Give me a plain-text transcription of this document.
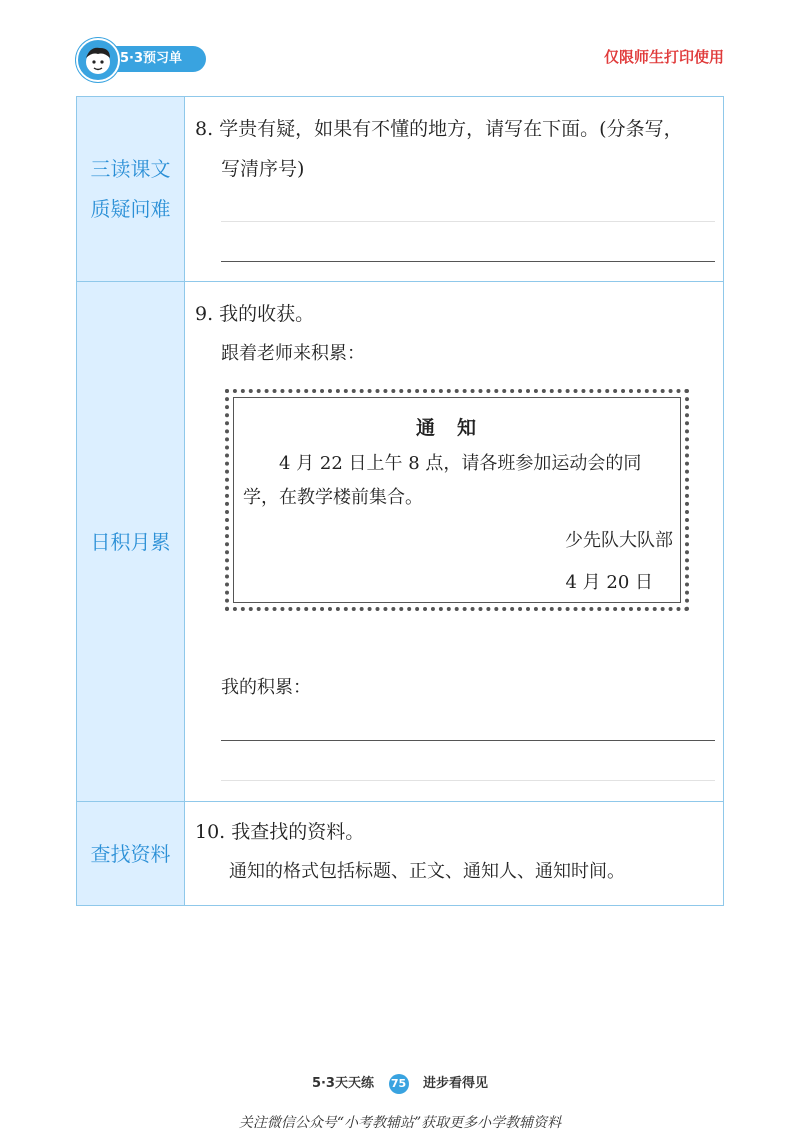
5·3预习单	仅限师生打印使用
三读课文
质疑问难
8. 学贵有疑，如果有不懂的地方，请写在下面。(分条写，
写清序号)
日积月累
9. 我的收获。
跟着老师来积累：
通知
4 月 22 日上午 8 点，请各班参加运动会的同
学，在教学楼前集合。
少先队大队部
4 月 20 日
我的积累：
查找资料
10. 我查找的资料。
通知的格式包括标题、正文、通知人、通知时间。
5·3天天练 75 进步看得见
关注微信公众号“小考教辅站”获取更多小学教辅资料
